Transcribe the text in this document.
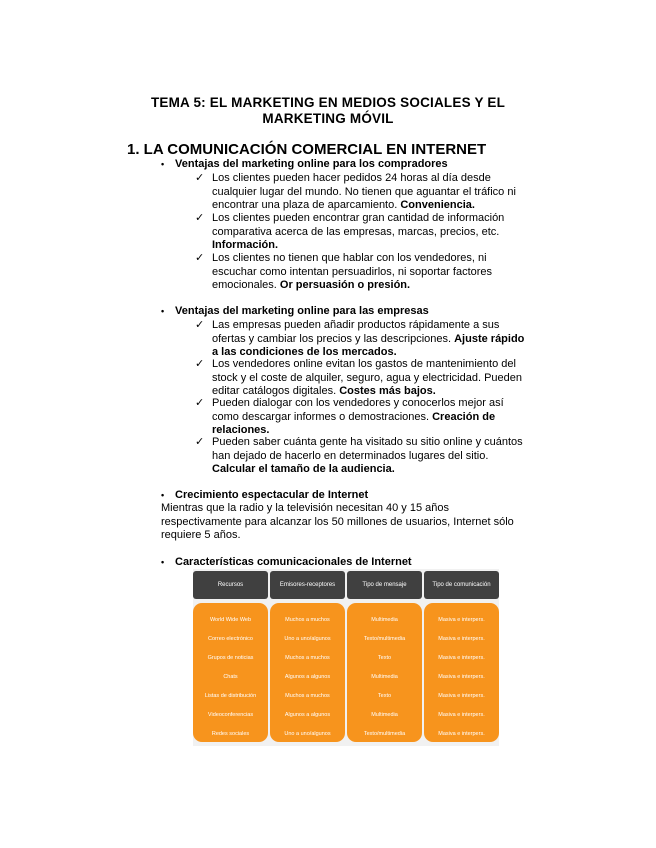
TEMA 5: EL MARKETING EN MEDIOS SOCIALES Y EL
MARKETING MÓVIL
1. LA COMUNICACIÓN COMERCIAL EN INTERNET
• Ventajas del marketing online para los compradores
✓ Los clientes pueden hacer pedidos 24 horas al día desde cualquier lugar del mundo. No tienen que aguantar el tráfico ni encontrar una plaza de aparcamiento. Conveniencia.
✓ Los clientes pueden encontrar gran cantidad de información comparativa acerca de las empresas, marcas, precios, etc. Información.
✓ Los clientes no tienen que hablar con los vendedores, ni escuchar como intentan persuadirlos, ni soportar factores emocionales. Or persuasión o presión.
• Ventajas del marketing online para las empresas
✓ Las empresas pueden añadir productos rápidamente a sus ofertas y cambiar los precios y las descripciones. Ajuste rápido a las condiciones de los mercados.
✓ Los vendedores online evitan los gastos de mantenimiento del stock y el coste de alquiler, seguro, agua y electricidad. Pueden editar catálogos digitales. Costes más bajos.
✓ Pueden dialogar con los vendedores y conocerlos mejor así como descargar informes o demostraciones. Creación de relaciones.
✓ Pueden saber cuánta gente ha visitado su sitio online y cuántos han dejado de hacerlo en determinados lugares del sitio. Calcular el tamaño de la audiencia.
• Crecimiento espectacular de Internet
Mientras que la radio y la televisión necesitan 40 y 15 años respectivamente para alcanzar los 50 millones de usuarios, Internet sólo requiere 5 años.
• Características comunicacionales de Internet
Recursos
World Wide Web
Correo electrónico
Grupos de noticias
Chats
Listas de distribución
Videoconferencias
Redes sociales
Emisores-receptores
Muchos a muchos
Uno a uno/algunos
Muchos a muchos
Algunos a algunos
Muchos a muchos
Algunos a algunos
Uno a uno/algunos
Tipo de mensaje
Multimedia
Texto/multimedia
Texto
Multimedia
Texto
Multimedia
Texto/multimedia
Tipo de comunicación
Masiva e interpers.
Masiva e interpers.
Masiva e interpers.
Masiva e interpers.
Masiva e interpers.
Masiva e interpers.
Masiva e interpers.
